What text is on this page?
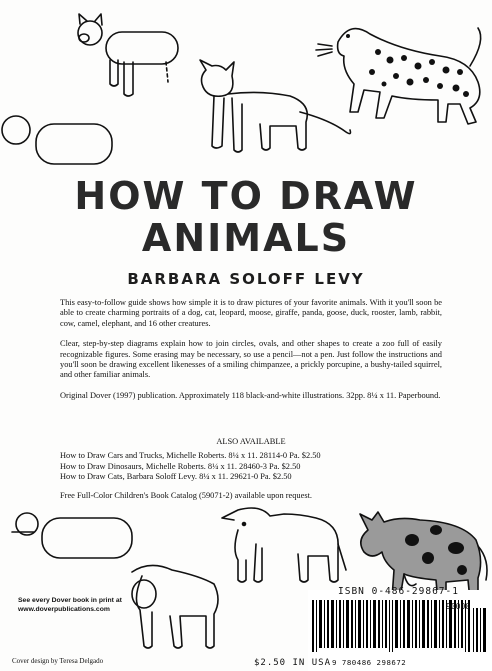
HOW TO DRAW
ANIMALS
BARBARA SOLOFF LEVY

This easy-to-follow guide shows how simple it is to draw pictures of your favorite animals. With it you'll soon be able to create charming portraits of a dog, cat, leopard, moose, giraffe, panda, goose, duck, rooster, lamb, rabbit, cow, camel, elephant, and 16 other creatures.

Clear, step-by-step diagrams explain how to join circles, ovals, and other shapes to create a zoo full of easily recognizable figures. Some erasing may be necessary, so use a pencil—not a pen. Just follow the instructions and you'll soon be drawing excellent likenesses of a smiling chimpanzee, a prickly porcupine, a bushy-tailed squirrel, and other familiar animals.

Original Dover (1997) publication. Approximately 118 black-and-white illustrations. 32pp. 8¼ x 11. Paperbound.

ALSO AVAILABLE

How to Draw Cars and Trucks, Michelle Roberts. 8¼ x 11. 28114-0 Pa. $2.50

How to Draw Dinosaurs, Michelle Roberts. 8¼ x 11. 28460-3 Pa. $2.50

How to Draw Cats, Barbara Soloff Levy. 8¼ x 11. 29621-0 Pa. $2.50

Free Full-Color Children's Book Catalog (59071-2) available upon request.
See every Dover book in print at
www.doverpublications.com
Cover design by Teresa Delgado
ISBN 0-486-29867-1
90000
9 780486 298672
$2.50 IN USA
